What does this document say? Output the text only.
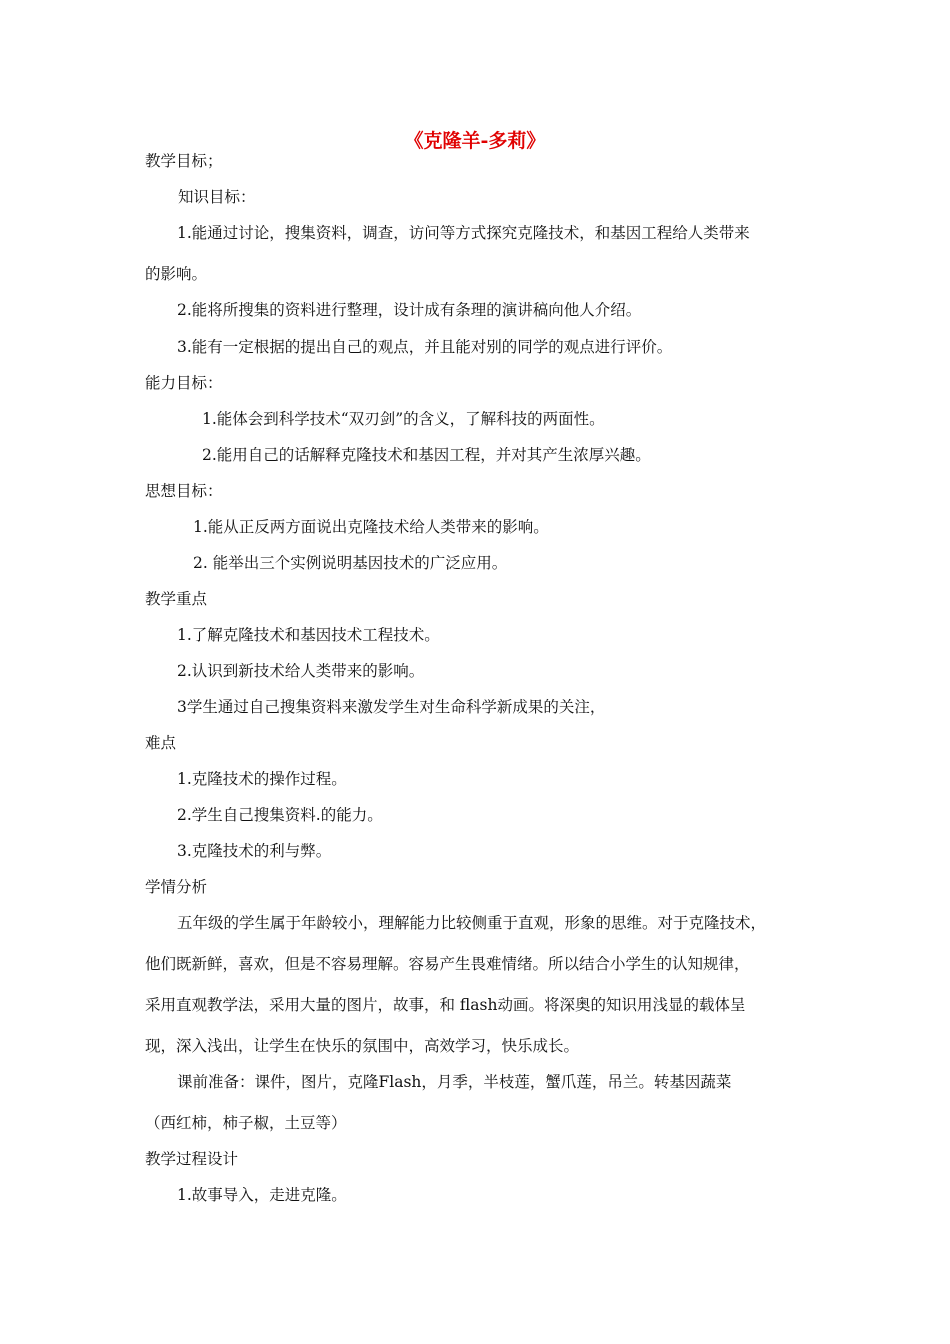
《克隆羊-多莉》
教学目标；
知识目标：
1.能通过讨论，搜集资料，调查，访问等方式探究克隆技术，和基因工程给人类带来
的影响。
2.能将所搜集的资料进行整理，设计成有条理的演讲稿向他人介绍。
3.能有一定根据的提出自己的观点，并且能对别的同学的观点进行评价。
能力目标：
1.能体会到科学技术“双刃剑”的含义，了解科技的两面性。
2.能用自己的话解释克隆技术和基因工程，并对其产生浓厚兴趣。
思想目标：
1.能从正反两方面说出克隆技术给人类带来的影响。
2. 能举出三个实例说明基因技术的广泛应用。
教学重点
1.了解克隆技术和基因技术工程技术。
2.认识到新技术给人类带来的影响。
3学生通过自己搜集资料来激发学生对生命科学新成果的关注，
难点
1.克隆技术的操作过程。
2.学生自己搜集资料.的能力。
3.克隆技术的利与弊。
学情分析
五年级的学生属于年龄较小，理解能力比较侧重于直观，形象的思维。对于克隆技术，
他们既新鲜，喜欢，但是不容易理解。容易产生畏难情绪。所以结合小学生的认知规律，
采用直观教学法，采用大量的图片，故事，和 flash动画。将深奥的知识用浅显的载体呈
现，深入浅出，让学生在快乐的氛围中，高效学习，快乐成长。
课前准备：课件，图片，克隆Flash，月季，半枝莲，蟹爪莲，吊兰。转基因蔬菜
（西红柿，柿子椒，土豆等）
教学过程设计
1.故事导入，走进克隆。
